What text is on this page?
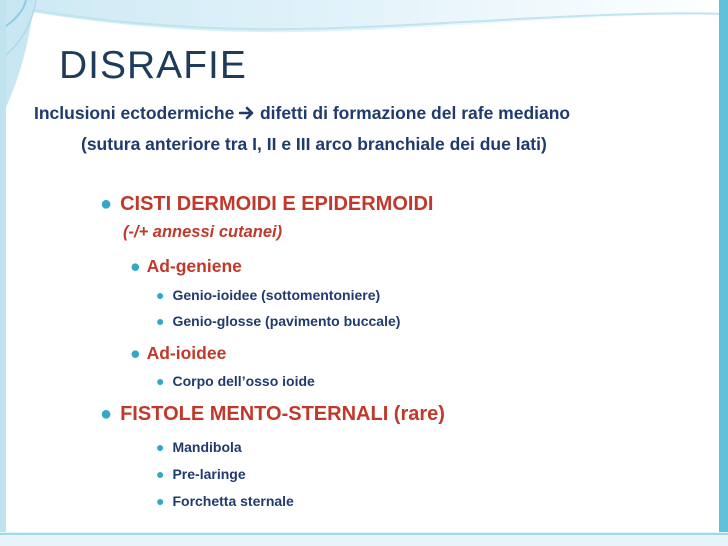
DISRAFIE
Inclusioni ectodermiche difetti di formazione del rafe mediano
(sutura anteriore tra I, II e III arco branchiale dei due lati)
● CISTI DERMOIDI E EPIDERMOIDI
(-/+ annessi cutanei)
● Ad-geniene
● Genio-ioidee (sottomentoniere)
● Genio-glosse (pavimento buccale)
● Ad-ioidee
● Corpo dell’osso ioide
● FISTOLE MENTO-STERNALI (rare)
● Mandibola
● Pre-laringe
● Forchetta sternale
